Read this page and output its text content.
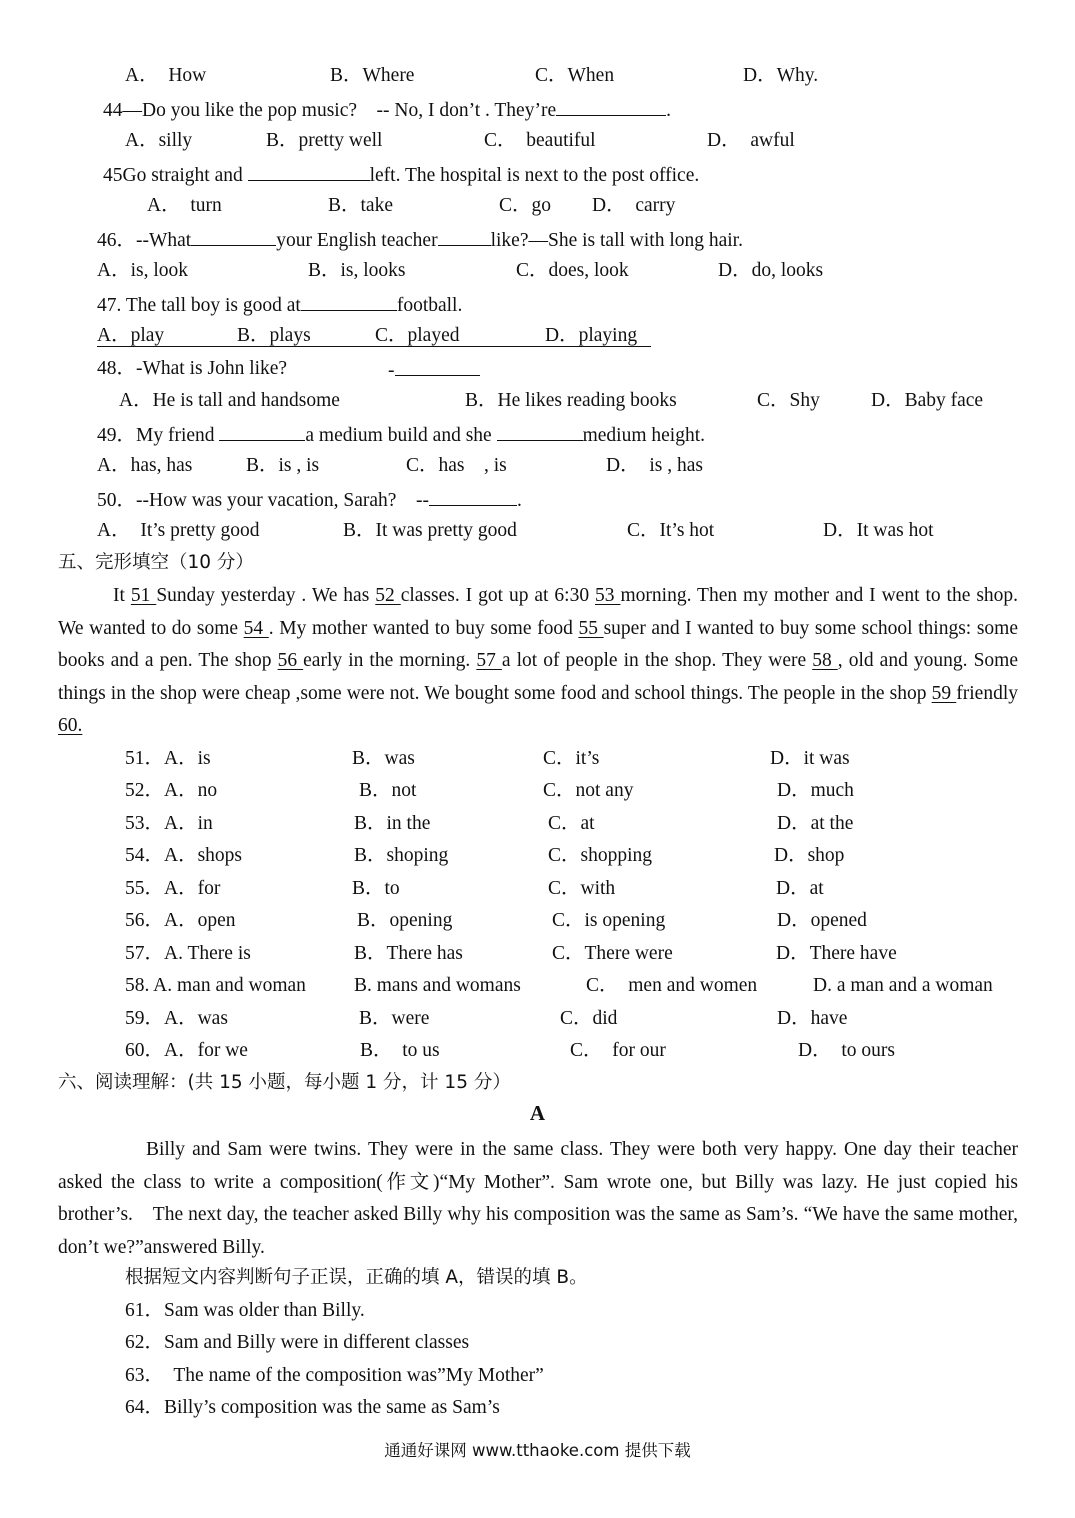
A．　How	B．Where	C．When	D．Why.
44—Do you like the pop music?　-- No, I don’t . They’re	.
A．silly	B．pretty well	C．  beautiful	D．  awful
45Go straight and	left. The hospital is next to the post office.
A．  turn	B．take	C．go D．  carry
46．--What	your English teacher	like?—She is tall with long hair.
A．is, look	B．is, looks	C．does, look	D．do, looks
47. The tall boy is good at	football.
A．play	B．plays	C．played	D．playing
48．-What is John like?	-
A．He is tall and handsome	B．He likes reading books	C．Shy	D．Baby face
49．My friend	a medium build and she	medium height.
A．has, has	B．is , is	C．has　, is	D．  is , has
50．--How was your vacation, Sarah?　--	.
A．  It’s pretty good	B．It was pretty good	C．It’s hot	D．It was hot
五、完形填空（10 分）
It 51 Sunday yesterday . We has 52 classes. I got up at 6:30 53 morning. Then my mother and I went to the shop. We wanted to do some 54 . My mother wanted to buy some food 55 super and I wanted to buy some school things: some books and a pen. The shop 56 early in the morning. 57 a lot of people in the shop. They were 58 , old and young. Some things in the shop were cheap ,some were not. We bought some food and school things. The people in the shop 59 friendly 60.
51．A．is	B．was	C．it’s	D．it was
52．A．no	B．not	C．not any	D．much
53．A．in	B．in the	C．at	D．at the
54．A．shops	B．shoping	C．shopping	D．shop
55．A．for	B．to	C．with	D．at
56．A．open	B．opening	C．is opening	D．opened
57．A. There is	B．There has	C．There were	D．There have
58. A. man and woman B. mans and womans	C．  men and women	D. a man and a woman
59．A．was	B．were	C．did	D．have
60．A．for we	B．  to us	C．  for our	D．  to ours
六、阅读理解：(共 15 小题，每小题 1 分，计 15 分）
A
Billy and Sam were twins. They were in the same class. They were both very happy. One day their teacher asked the class to write a composition(作文)“My Mother”. Sam wrote one, but Billy was lazy. He just copied his brother’s.　The next day, the teacher asked Billy why his composition was the same as Sam’s. “We have the same mother, don’t we?”answered Billy.
根据短文内容判断句子正误，正确的填 A，错误的填 B。
61．Sam was older than Billy.
62．Sam and Billy were in different classes
63．  The name of the composition was”My Mother”
64．Billy’s composition was the same as Sam’s
通通好课网 www.tthaoke.com 提供下载
